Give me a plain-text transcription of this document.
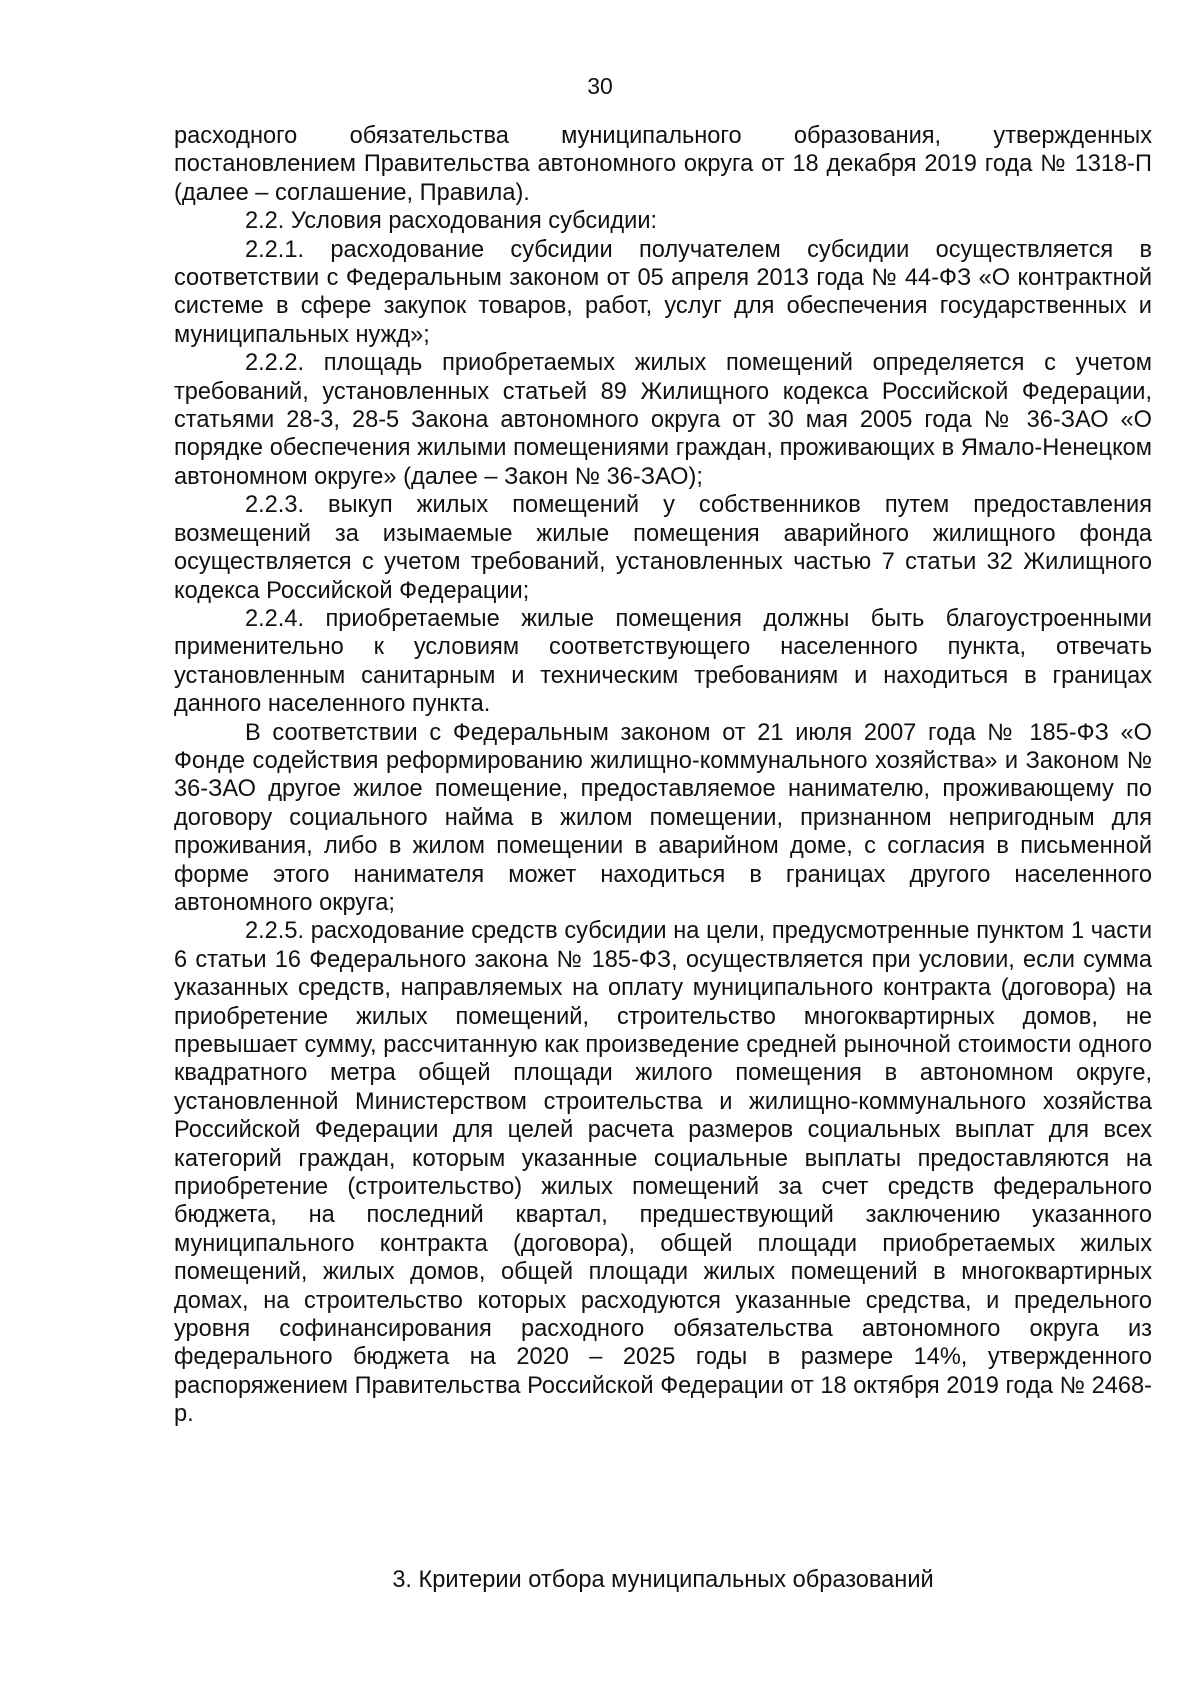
30

расходного обязательства муниципального образования, утвержденных постановлением Правительства автономного округа от 18 декабря 2019 года № 1318-П (далее – соглашение, Правила).

2.2. Условия расходования субсидии:

2.2.1. расходование субсидии получателем субсидии осуществляется в соответствии с Федеральным законом от 05 апреля 2013 года № 44-ФЗ «О контрактной системе в сфере закупок товаров, работ, услуг для обеспечения государственных и муниципальных нужд»;

2.2.2. площадь приобретаемых жилых помещений определяется с учетом требований, установленных статьей 89 Жилищного кодекса Российской Федерации, статьями 28-3, 28-5 Закона автономного округа от 30 мая 2005 года № 36-ЗАО «О порядке обеспечения жилыми помещениями граждан, проживающих в Ямало-Ненецком автономном округе» (далее – Закон № 36-ЗАО);

2.2.3. выкуп жилых помещений у собственников путем предоставления возмещений за изымаемые жилые помещения аварийного жилищного фонда осуществляется с учетом требований, установленных частью 7 статьи 32 Жилищного кодекса Российской Федерации;

2.2.4. приобретаемые жилые помещения должны быть благоустроенными применительно к условиям соответствующего населенного пункта, отвечать установленным санитарным и техническим требованиям и находиться в границах данного населенного пункта.

В соответствии с Федеральным законом от 21 июля 2007 года № 185-ФЗ «О Фонде содействия реформированию жилищно-коммунального хозяйства» и Законом № 36-ЗАО другое жилое помещение, предоставляемое нанимателю, проживающему по договору социального найма в жилом помещении, признанном непригодным для проживания, либо в жилом помещении в аварийном доме, с согласия в письменной форме этого нанимателя может находиться в границах другого населенного автономного округа;

2.2.5. расходование средств субсидии на цели, предусмотренные пунктом 1 части 6 статьи 16 Федерального закона № 185-ФЗ, осуществляется при условии, если сумма указанных средств, направляемых на оплату муниципального контракта (договора) на приобретение жилых помещений, строительство многоквартирных домов, не превышает сумму, рассчитанную как произведение средней рыночной стоимости одного квадратного метра общей площади жилого помещения в автономном округе, установленной Министерством строительства и жилищно-коммунального хозяйства Российской Федерации для целей расчета размеров социальных выплат для всех категорий граждан, которым указанные социальные выплаты предоставляются на приобретение (строительство) жилых помещений за счет средств федерального бюджета, на последний квартал, предшествующий заключению указанного муниципального контракта (договора), общей площади приобретаемых жилых помещений, жилых домов, общей площади жилых помещений в многоквартирных домах, на строительство которых расходуются указанные средства, и предельного уровня софинансирования расходного обязательства автономного округа из федерального бюджета на 2020 – 2025 годы в размере 14%, утвержденного распоряжением Правительства Российской Федерации от 18 октября 2019 года № 2468-р.

3. Критерии отбора муниципальных образований
